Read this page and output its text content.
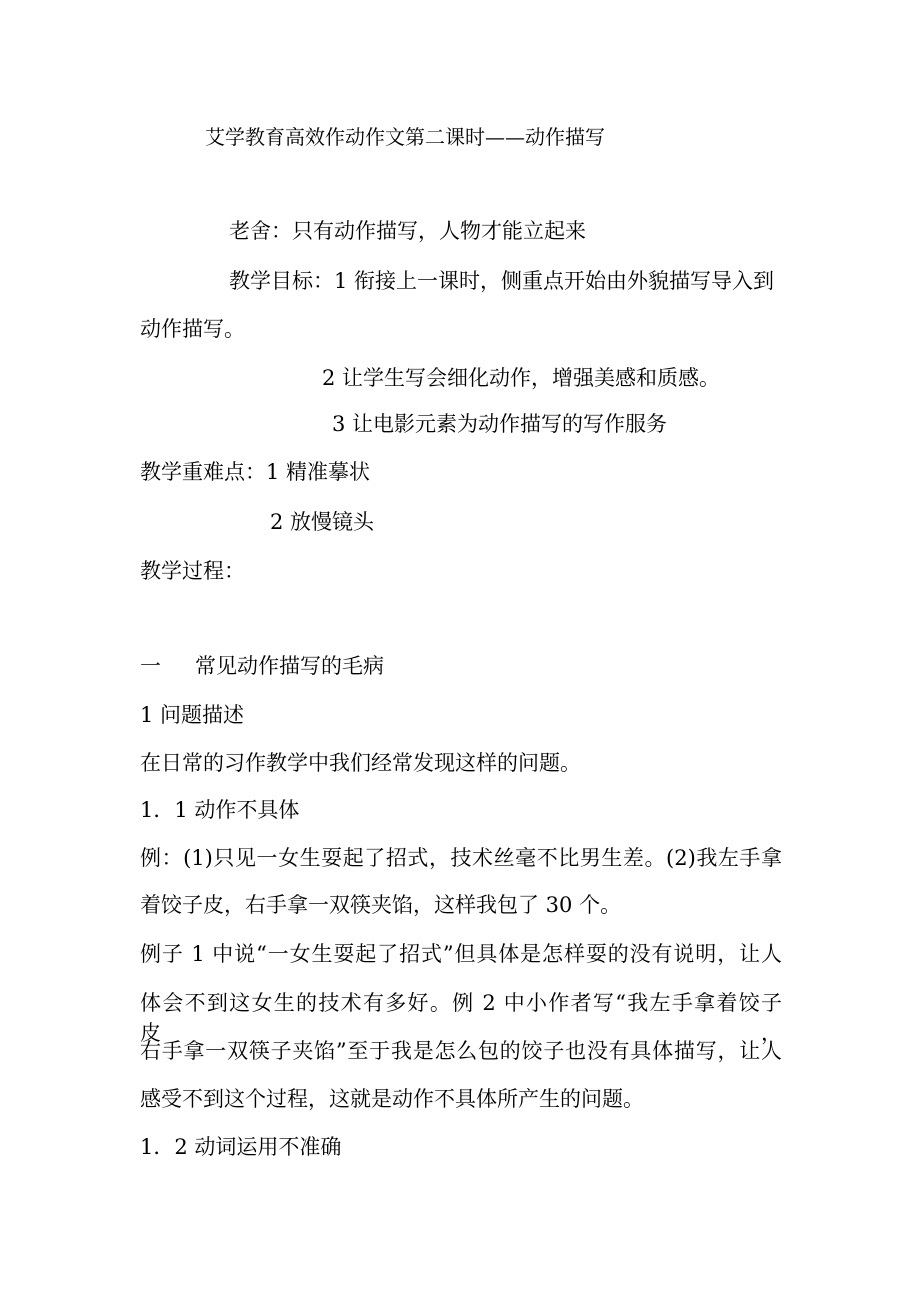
艾学教育高效作动作文第二课时——动作描写

老舍：只有动作描写，人物才能立起来

教学目标：1 衔接上一课时，侧重点开始由外貌描写导入到

动作描写。

2 让学生写会细化动作，增强美感和质感。

3 让电影元素为动作描写的写作服务

教学重难点：1 精准摹状

2 放慢镜头

教学过程：

一 常见动作描写的毛病

1 问题描述

在日常的习作教学中我们经常发现这样的问题。

1．1 动作不具体

例：(1)只见一女生耍起了招式，技术丝毫不比男生差。(2)我左手拿

着饺子皮，右手拿一双筷夹馅，这样我包了 30 个。

例子 1 中说“一女生耍起了招式”但具体是怎样耍的没有说明，让人

体会不到这女生的技术有多好。例 2 中小作者写“我左手拿着饺子皮，

右手拿一双筷子夹馅”至于我是怎么包的饺子也没有具体描写，让人

感受不到这个过程，这就是动作不具体所产生的问题。

1．2 动词运用不准确
